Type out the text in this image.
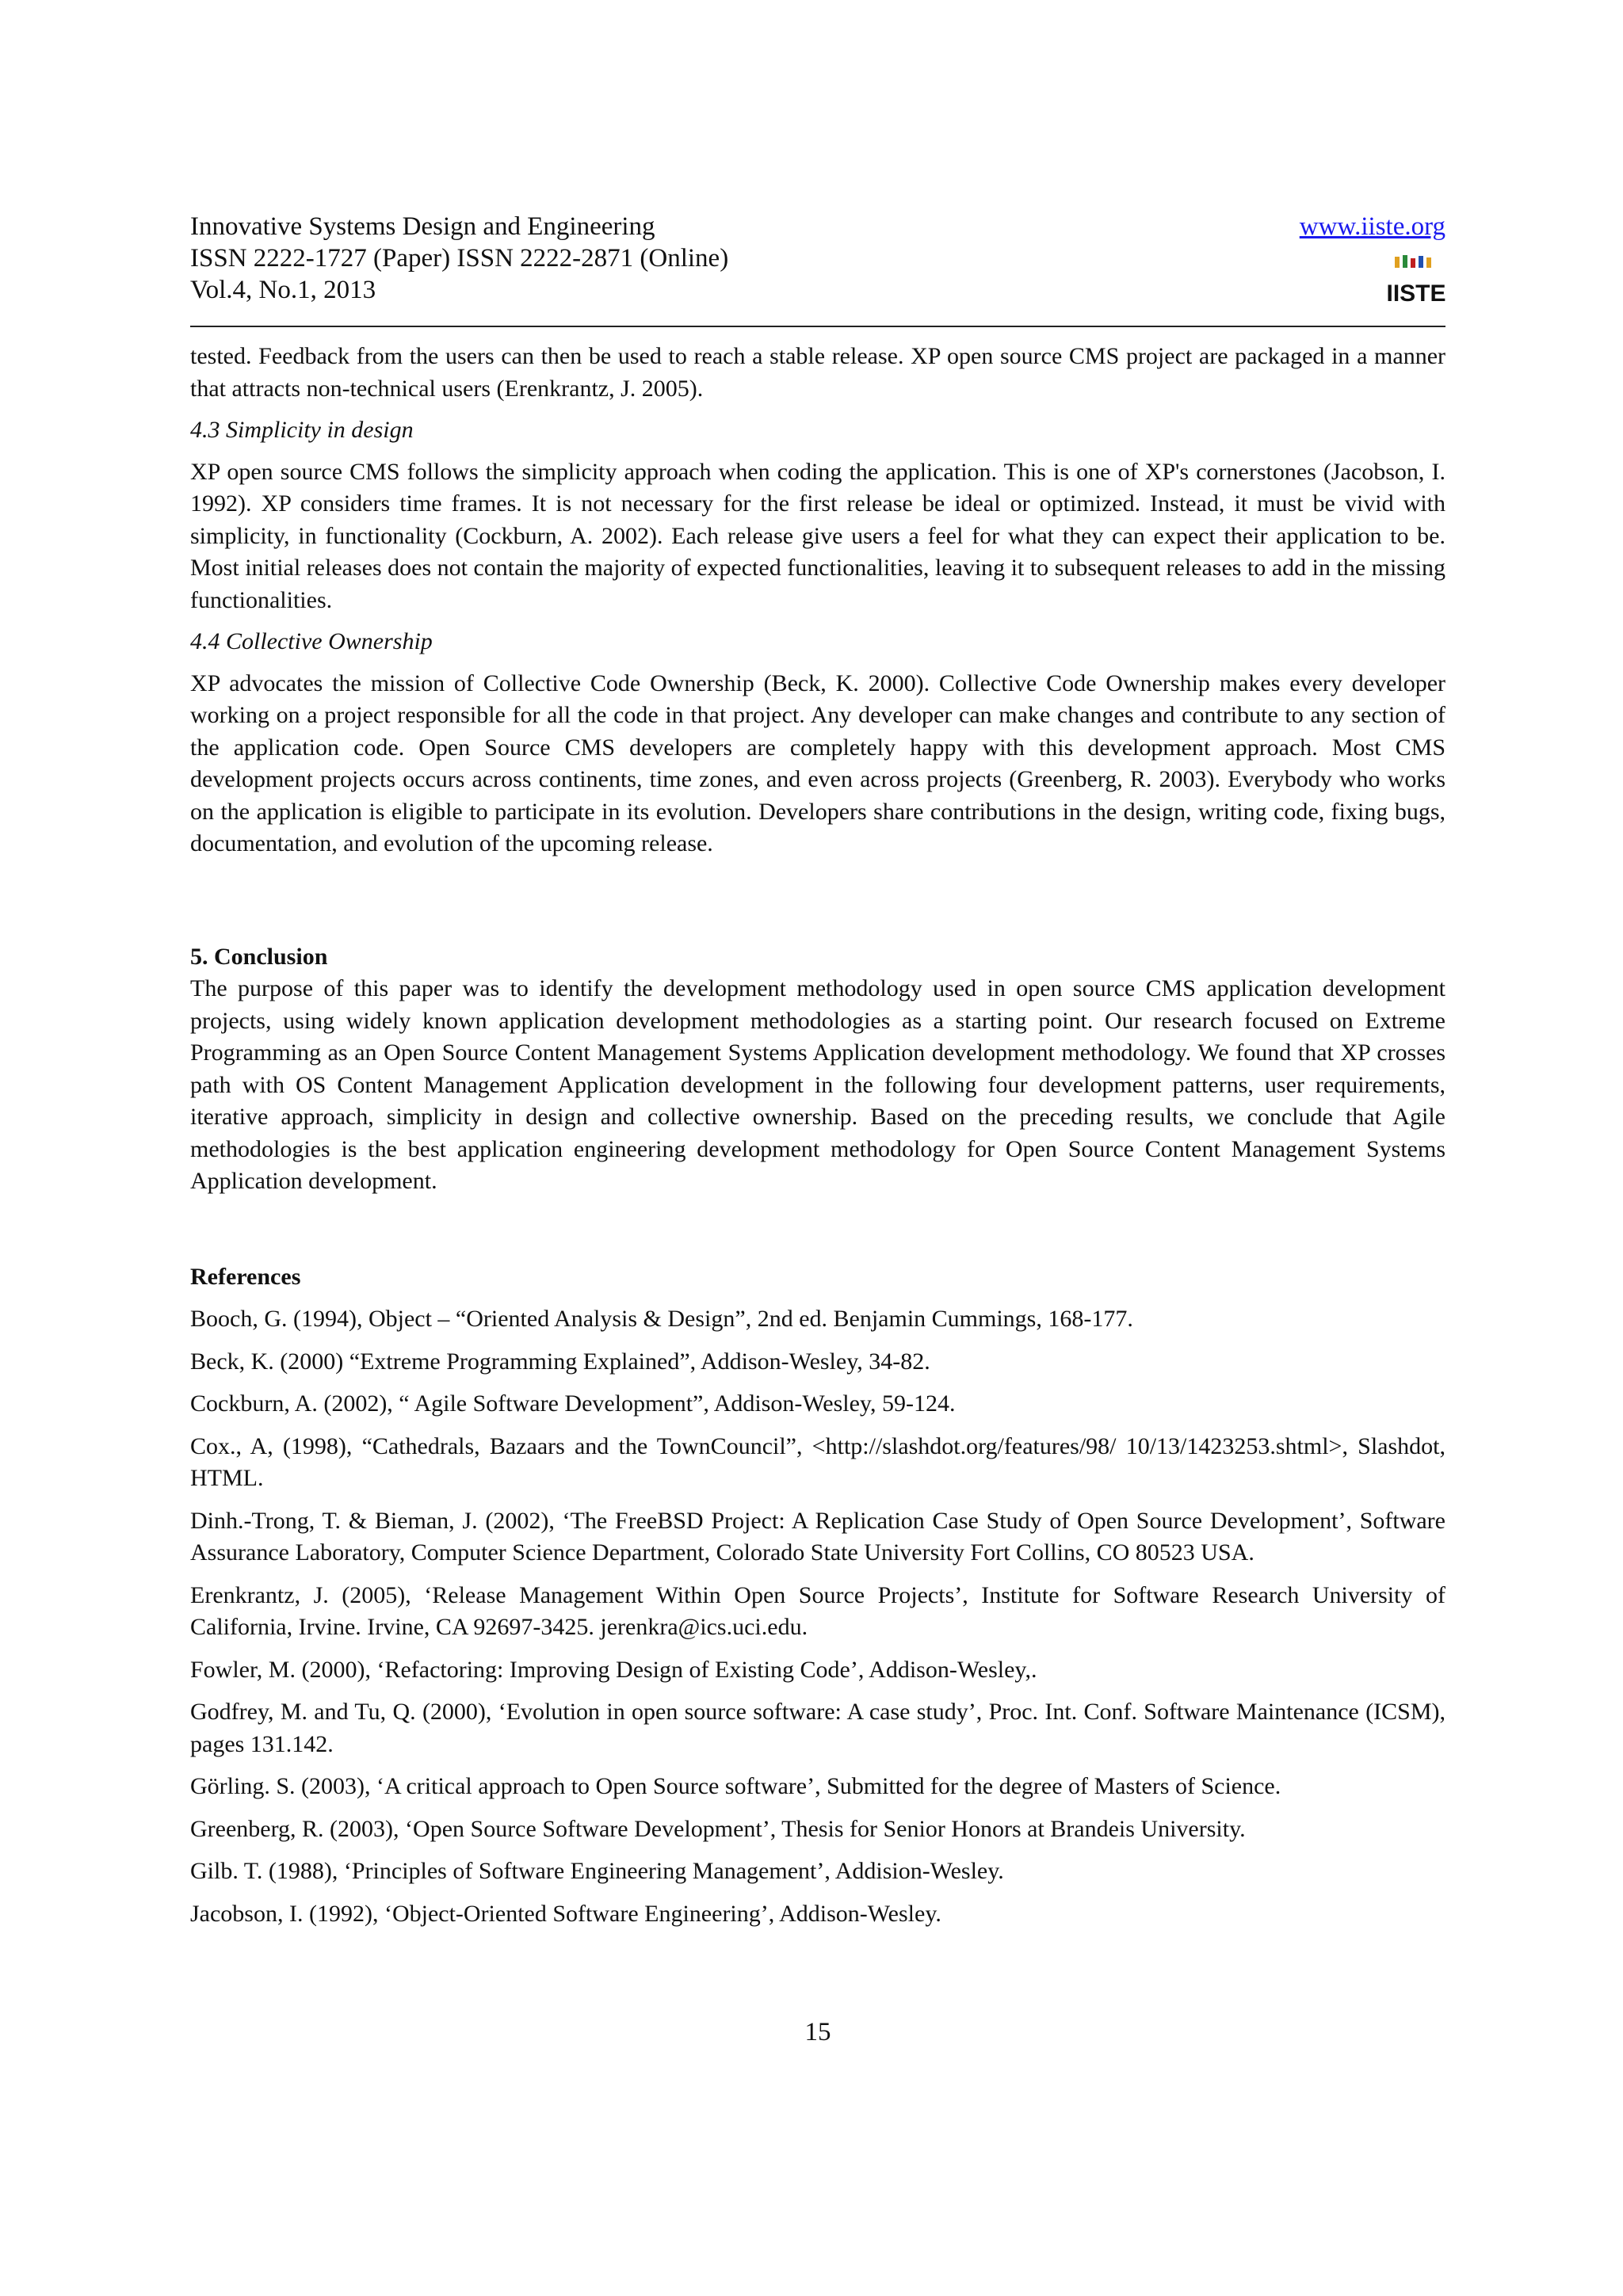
Innovative Systems Design and Engineering
ISSN 2222-1727 (Paper) ISSN 2222-2871 (Online)
Vol.4, No.1, 2013
www.iiste.org
IISTE

tested. Feedback from the users can then be used to reach a stable release. XP open source CMS project are packaged in a manner that attracts non-technical users (Erenkrantz, J. 2005).

4.3 Simplicity in design

XP open source CMS follows the simplicity approach when coding the application. This is one of XP's cornerstones (Jacobson, I. 1992). XP considers time frames. It is not necessary for the first release be ideal or optimized. Instead, it must be vivid with simplicity, in functionality (Cockburn, A. 2002). Each release give users a feel for what they can expect their application to be. Most initial releases does not contain the majority of expected functionalities, leaving it to subsequent releases to add in the missing functionalities.

4.4 Collective Ownership

XP advocates the mission of Collective Code Ownership (Beck, K. 2000). Collective Code Ownership makes every developer working on a project responsible for all the code in that project. Any developer can make changes and contribute to any section of the application code. Open Source CMS developers are completely happy with this development approach. Most CMS development projects occurs across continents, time zones, and even across projects (Greenberg, R. 2003). Everybody who works on the application is eligible to participate in its evolution. Developers share contributions in the design, writing code, fixing bugs, documentation, and evolution of the upcoming release.

5. Conclusion

The purpose of this paper was to identify the development methodology used in open source CMS application development projects, using widely known application development methodologies as a starting point. Our research focused on Extreme Programming as an Open Source Content Management Systems Application development methodology. We found that XP crosses path with OS Content Management Application development in the following four development patterns, user requirements, iterative approach, simplicity in design and collective ownership. Based on the preceding results, we conclude that Agile methodologies is the best application engineering development methodology for Open Source Content Management Systems Application development.

References

Booch, G. (1994), Object – “Oriented Analysis & Design”, 2nd ed. Benjamin Cummings, 168-177.

Beck, K. (2000) “Extreme Programming Explained”, Addison-Wesley, 34-82.

Cockburn, A. (2002), “ Agile Software Development”, Addison-Wesley, 59-124.

Cox., A, (1998), “Cathedrals, Bazaars and the TownCouncil”, <http://slashdot.org/features/98/ 10/13/1423253.shtml>, Slashdot, HTML.

Dinh.-Trong, T. & Bieman, J. (2002), ‘The FreeBSD Project: A Replication Case Study of Open Source Development’, Software Assurance Laboratory, Computer Science Department, Colorado State University Fort Collins, CO 80523 USA.

Erenkrantz, J. (2005), ‘Release Management Within Open Source Projects’, Institute for Software Research University of California, Irvine. Irvine, CA 92697-3425. jerenkra@ics.uci.edu.

Fowler, M. (2000), ‘Refactoring: Improving Design of Existing Code’, Addison-Wesley,.

Godfrey, M. and Tu, Q. (2000), ‘Evolution in open source software: A case study’, Proc. Int. Conf. Software Maintenance (ICSM), pages 131.142.

Görling. S. (2003), ‘A critical approach to Open Source software’, Submitted for the degree of Masters of Science.

Greenberg, R. (2003), ‘Open Source Software Development’, Thesis for Senior Honors at Brandeis University.

Gilb. T. (1988), ‘Principles of Software Engineering Management’, Addision-Wesley.

Jacobson, I. (1992), ‘Object-Oriented Software Engineering’, Addison-Wesley.

15
